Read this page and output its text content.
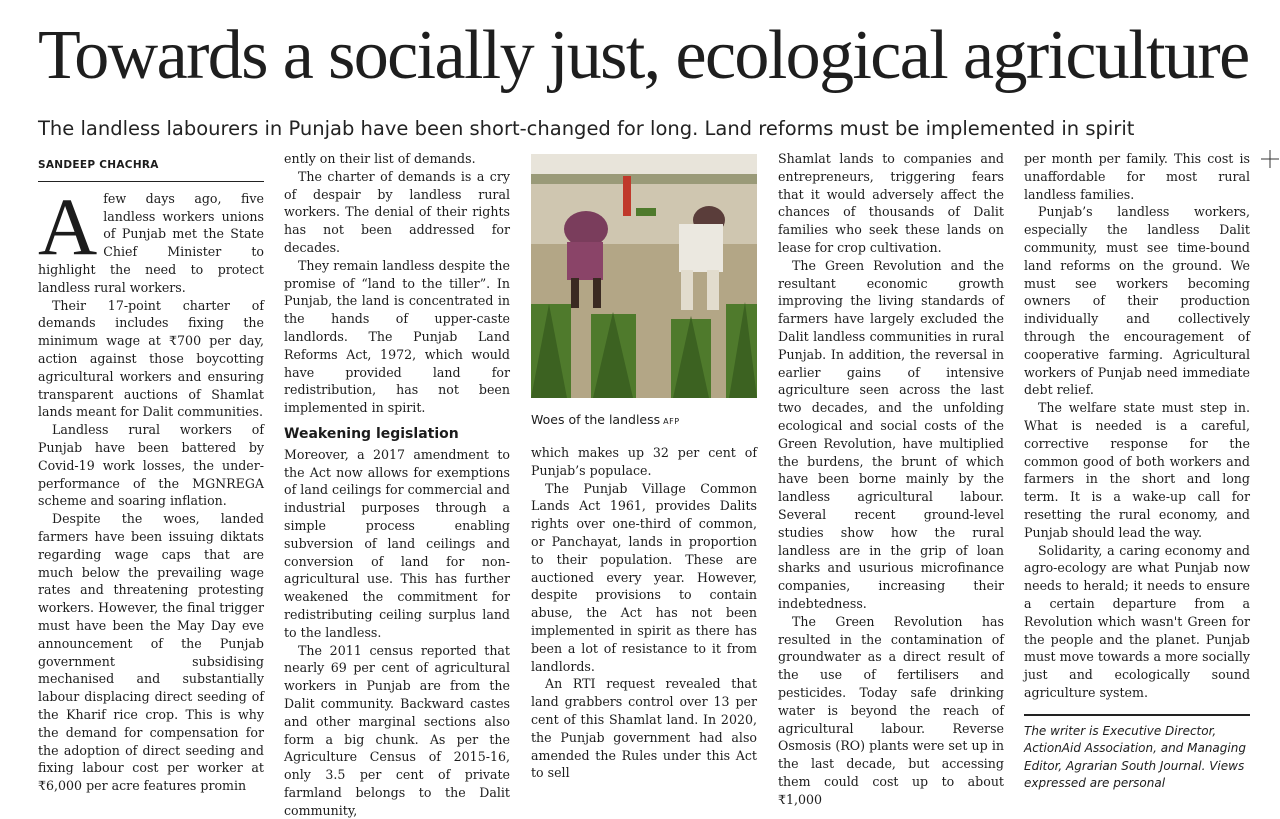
Towards a socially just, ecological agriculture
The landless labourers in Punjab have been short-changed for long. Land reforms must be implemented in spirit
SANDEEP CHACHRA

Afew days ago, five landless workers unions of Punjab met the State Chief Minister to highlight the need to protect landless rural workers.

Their 17-point charter of demands includes fixing the minimum wage at ₹700 per day, action against those boycotting agricultural workers and ensuring transparent auctions of Shamlat lands meant for Dalit communities.

Landless rural workers of Punjab have been battered by Covid-19 work losses, the under-performance of the MGNREGA scheme and soaring inflation.

Despite the woes, landed farmers have been issuing diktats regarding wage caps that are much below the prevailing wage rates and threatening protesting workers. However, the final trigger must have been the May Day eve announcement of the Punjab government subsidising mechanised and substantially labour displacing direct seeding of the Kharif rice crop. This is why the demand for compensation for the adoption of direct seeding and fixing labour cost per worker at ₹6,000 per acre features promin

ently on their list of demands.

The charter of demands is a cry of despair by landless rural workers. The denial of their rights has not been addressed for decades.

They remain landless despite the promise of “land to the tiller”. In Punjab, the land is concentrated in the hands of upper-caste landlords. The Punjab Land Reforms Act, 1972, which would have provided land for redistribution, has not been implemented in spirit.

Weakening legislation

Moreover, a 2017 amendment to the Act now allows for exemptions of land ceilings for commercial and industrial purposes through a simple process enabling subversion of land ceilings and conversion of land for non-agricultural use. This has further weakened the commitment for redistributing ceiling surplus land to the landless.

The 2011 census reported that nearly 69 per cent of agricultural workers in Punjab are from the Dalit community. Backward castes and other marginal sections also form a big chunk. As per the Agriculture Census of 2015-16, only 3.5 per cent of private farmland belongs to the Dalit community,

Woes of the landless AFP

which makes up 32 per cent of Punjab’s populace.

The Punjab Village Common Lands Act 1961, provides Dalits rights over one-third of common, or Panchayat, lands in proportion to their population. These are auctioned every year. However, despite provisions to contain abuse, the Act has not been implemented in spirit as there has been a lot of resistance to it from landlords.

An RTI request revealed that land grabbers control over 13 per cent of this Shamlat land. In 2020, the Punjab government had also amended the Rules under this Act to sell

Shamlat lands to companies and entrepreneurs, triggering fears that it would adversely affect the chances of thousands of Dalit families who seek these lands on lease for crop cultivation.

The Green Revolution and the resultant economic growth improving the living standards of farmers have largely excluded the Dalit landless communities in rural Punjab. In addition, the reversal in earlier gains of intensive agriculture seen across the last two decades, and the unfolding ecological and social costs of the Green Revolution, have multiplied the burdens, the brunt of which have been borne mainly by the landless agricultural labour. Several recent ground-level studies show how the rural landless are in the grip of loan sharks and usurious microfinance companies, increasing their indebtedness.

The Green Revolution has resulted in the contamination of groundwater as a direct result of the use of fertilisers and pesticides. Today safe drinking water is beyond the reach of agricultural labour. Reverse Osmosis (RO) plants were set up in the last decade, but accessing them could cost up to about ₹1,000

per month per family. This cost is unaffordable for most rural landless families.

Punjab’s landless workers, especially the landless Dalit community, must see time-bound land reforms on the ground. We must see workers becoming owners of their production individually and collectively through the encouragement of cooperative farming. Agricultural workers of Punjab need immediate debt relief.

The welfare state must step in. What is needed is a careful, corrective response for the common good of both workers and farmers in the short and long term. It is a wake-up call for resetting the rural economy, and Punjab should lead the way.

Solidarity, a caring economy and agro-ecology are what Punjab now needs to herald; it needs to ensure a certain departure from a Revolution which wasn't Green for the people and the planet. Punjab must move towards a more socially just and ecologically sound agriculture system.

The writer is Executive Director, ActionAid Association, and Managing Editor, Agrarian South Journal. Views expressed are personal
